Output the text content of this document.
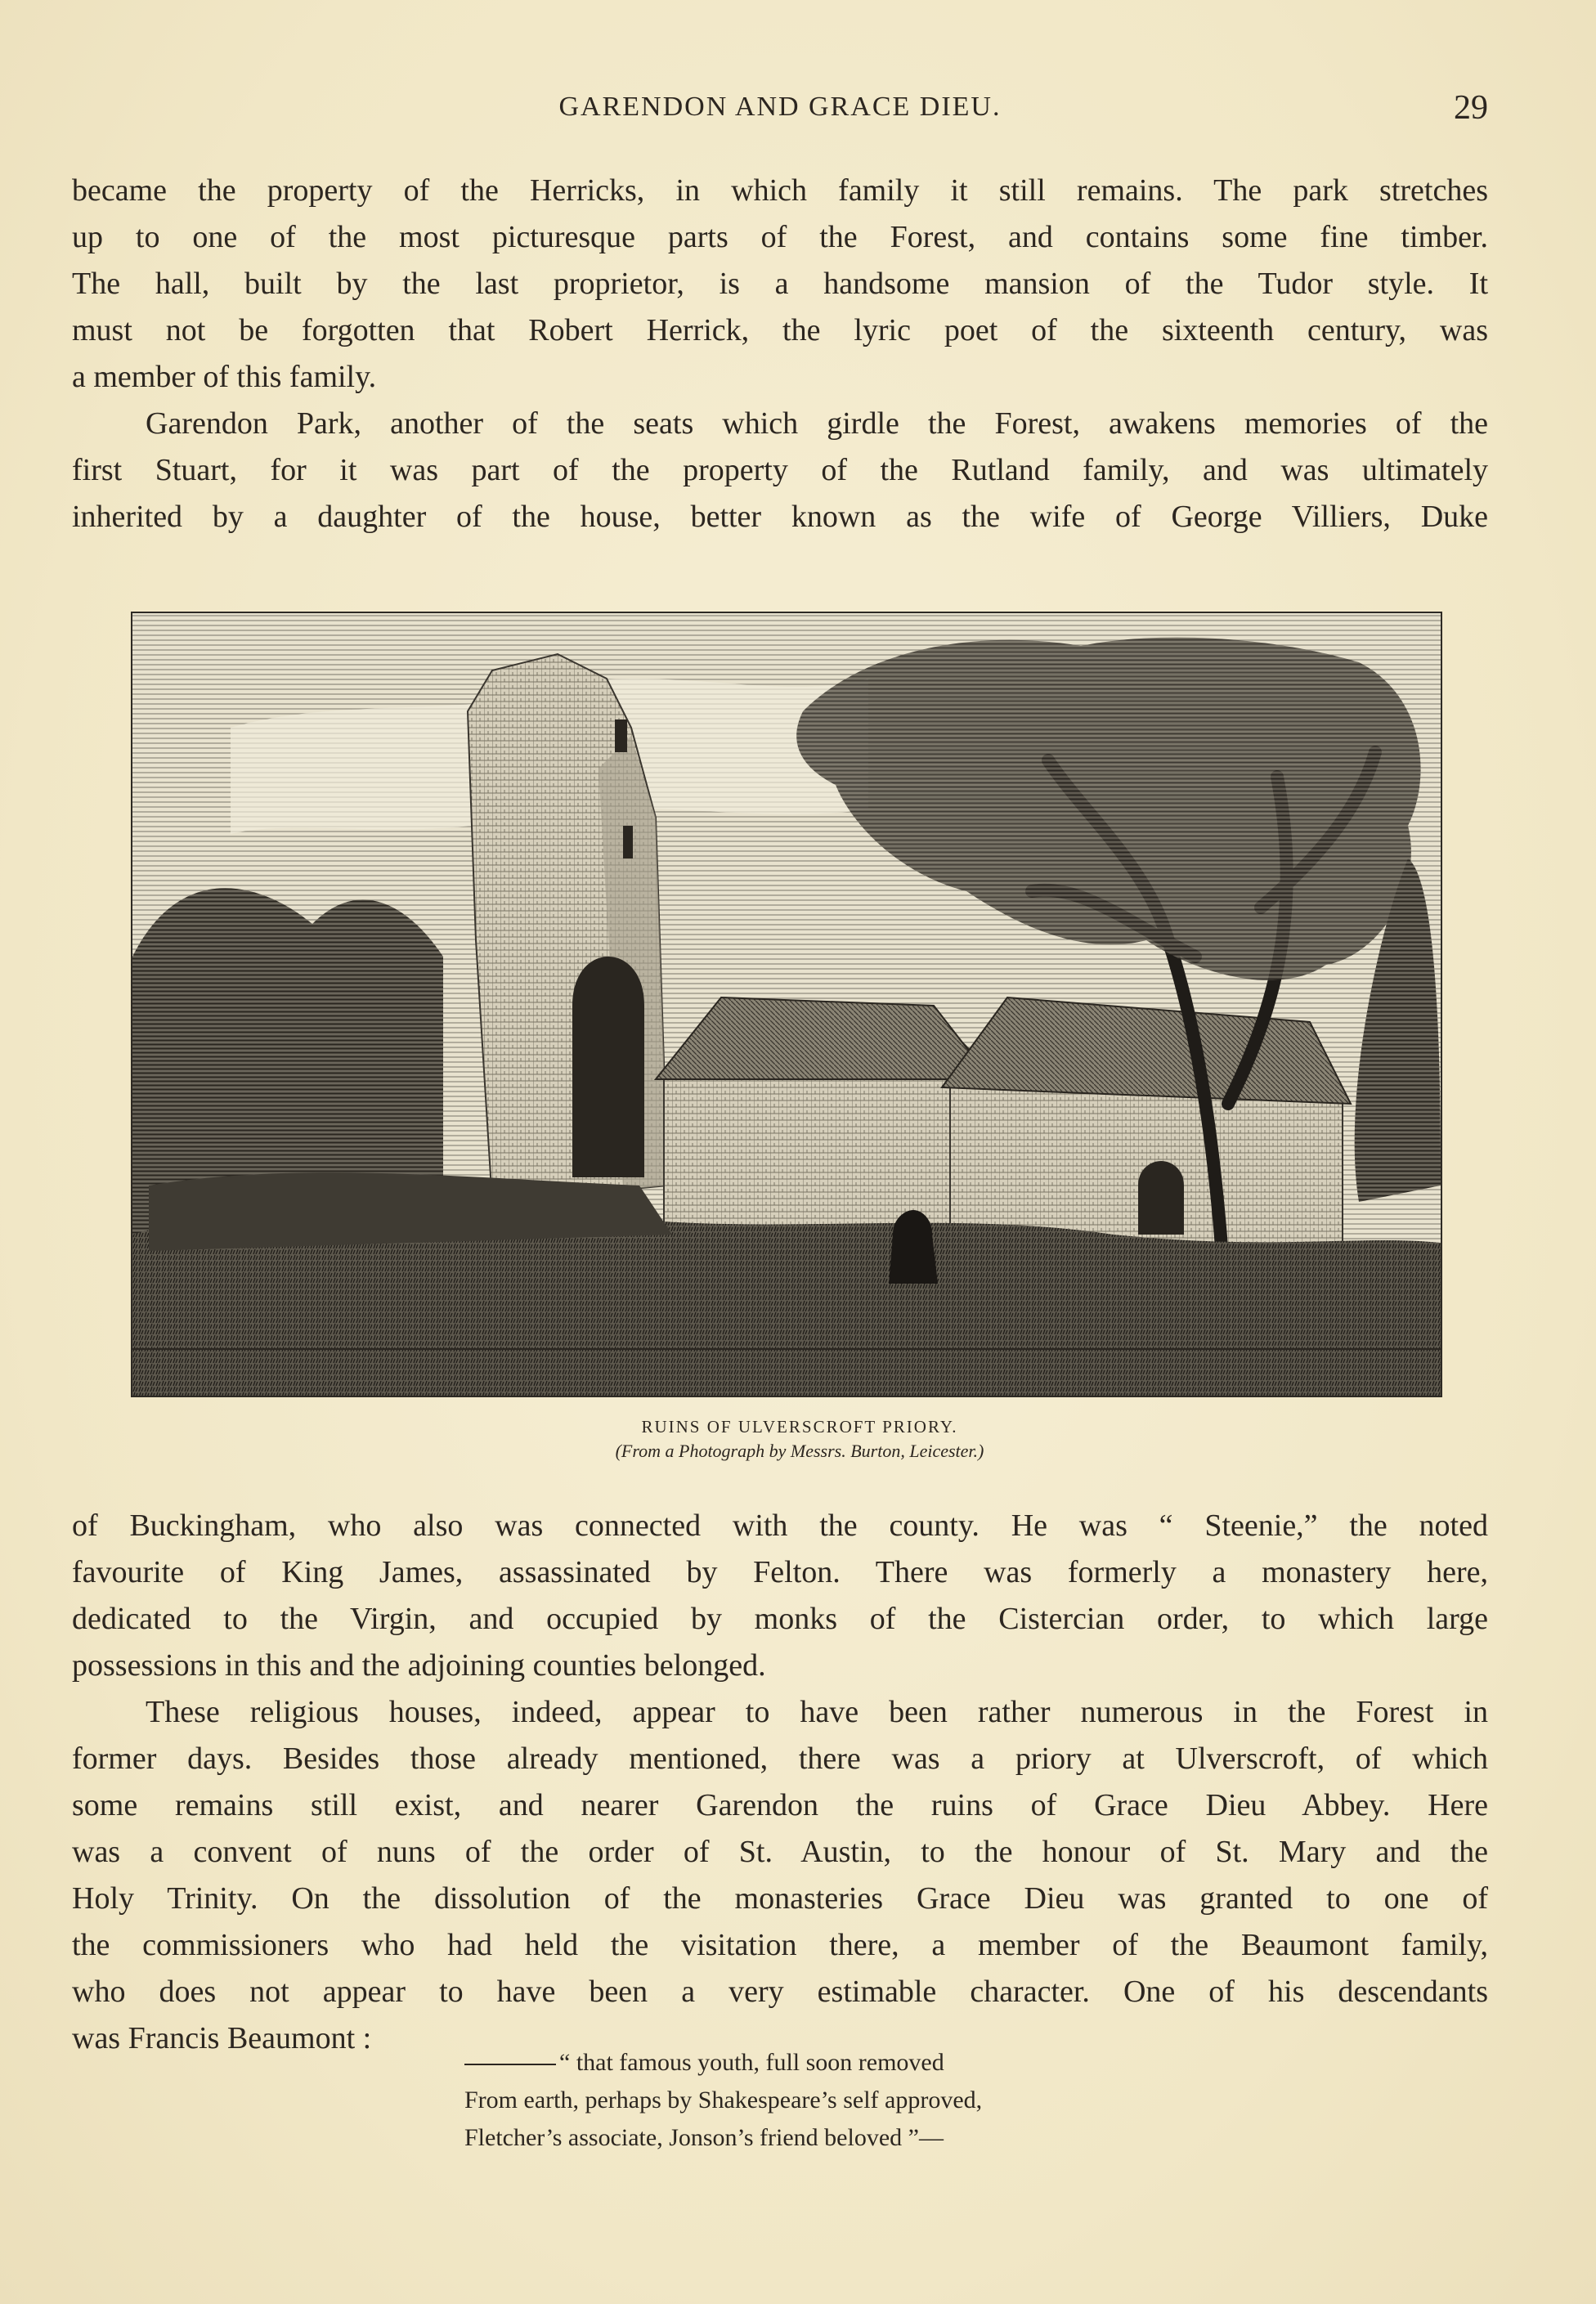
GARENDON AND GRACE DIEU.	29

became the property of the Herricks, in which family it still remains. The park stretches

up to one of the most picturesque parts of the Forest, and contains some fine timber.

The hall, built by the last proprietor, is a handsome mansion of the Tudor style. It

must not be forgotten that Robert Herrick, the lyric poet of the sixteenth century, was

a member of this family.

Garendon Park, another of the seats which girdle the Forest, awakens memories of the

first Stuart, for it was part of the property of the Rutland family, and was ultimately

inherited by a daughter of the house, better known as the wife of George Villiers, Duke

RUINS OF ULVERSCROFT PRIORY.
(From a Photograph by Messrs. Burton, Leicester.)

of Buckingham, who also was connected with the county. He was “ Steenie,” the noted

favourite of King James, assassinated by Felton. There was formerly a monastery here,

dedicated to the Virgin, and occupied by monks of the Cistercian order, to which large

possessions in this and the adjoining counties belonged.

These religious houses, indeed, appear to have been rather numerous in the Forest in

former days. Besides those already mentioned, there was a priory at Ulverscroft, of which

some remains still exist, and nearer Garendon the ruins of Grace Dieu Abbey. Here

was a convent of nuns of the order of St. Austin, to the honour of St. Mary and the

Holy Trinity. On the dissolution of the monasteries Grace Dieu was granted to one of

the commissioners who had held the visitation there, a member of the Beaumont family,

who does not appear to have been a very estimable character. One of his descendants

was Francis Beaumont :

“ that famous youth, full soon removed
From earth, perhaps by Shakespeare’s self approved,
Fletcher’s associate, Jonson’s friend beloved ”—
